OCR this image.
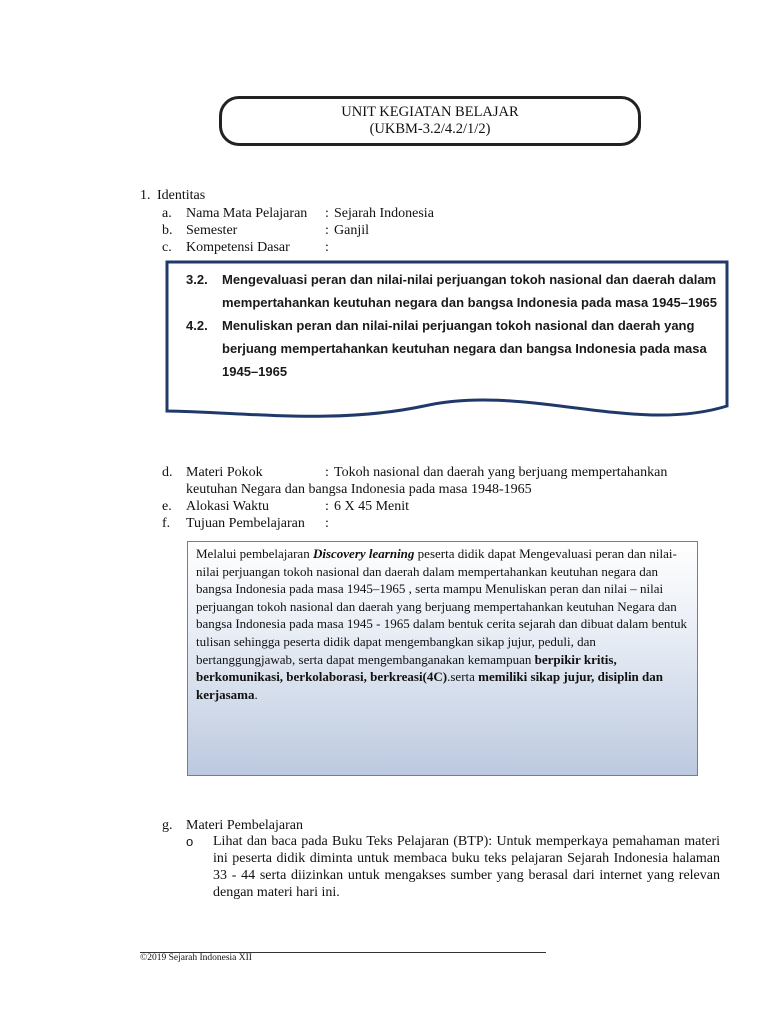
UNIT KEGIATAN BELAJAR
(UKBM-3.2/4.2/1/2)
1. Identitas
a. Nama Mata Pelajaran : Sejarah Indonesia
b. Semester	: Ganjil
c. Kompetensi Dasar	:
3.2.	Mengevaluasi peran dan nilai-nilai perjuangan tokoh nasional dan daerah dalam mempertahankan keutuhan negara dan bangsa Indonesia pada masa 1945–1965
4.2.	Menuliskan peran dan nilai-nilai perjuangan tokoh nasional dan daerah yang berjuang mempertahankan keutuhan negara dan bangsa Indonesia pada masa 1945–1965
d. Materi Pokok	: Tokoh nasional dan daerah yang berjuang mempertahankan
keutuhan Negara dan bangsa Indonesia pada masa 1948-1965
e. Alokasi Waktu	: 6 X 45 Menit
f. Tujuan Pembelajaran :
Melalui pembelajaran Discovery learning peserta didik dapat Mengevaluasi peran dan nilai-nilai perjuangan tokoh nasional dan daerah dalam mempertahankan keutuhan negara dan bangsa Indonesia pada masa 1945–1965 , serta mampu Menuliskan peran dan nilai – nilai perjuangan tokoh nasional dan daerah yang berjuang mempertahankan keutuhan Negara dan bangsa Indonesia pada masa 1945 - 1965 dalam bentuk cerita sejarah dan dibuat dalam bentuk tulisan sehingga peserta didik dapat mengembangkan sikap jujur, peduli, dan bertanggungjawab, serta dapat mengembanganakan kemampuan berpikir kritis, berkomunikasi, berkolaborasi, berkreasi(4C).serta memiliki sikap jujur, disiplin dan kerjasama.
g. Materi Pembelajaran
o Lihat dan baca pada Buku Teks Pelajaran (BTP): Untuk memperkaya pemahaman materi ini peserta didik diminta untuk membaca buku teks pelajaran Sejarah Indonesia halaman 33 - 44 serta diizinkan untuk mengakses sumber yang berasal dari internet yang relevan dengan materi hari ini.
©2019 Sejarah Indonesia XII
